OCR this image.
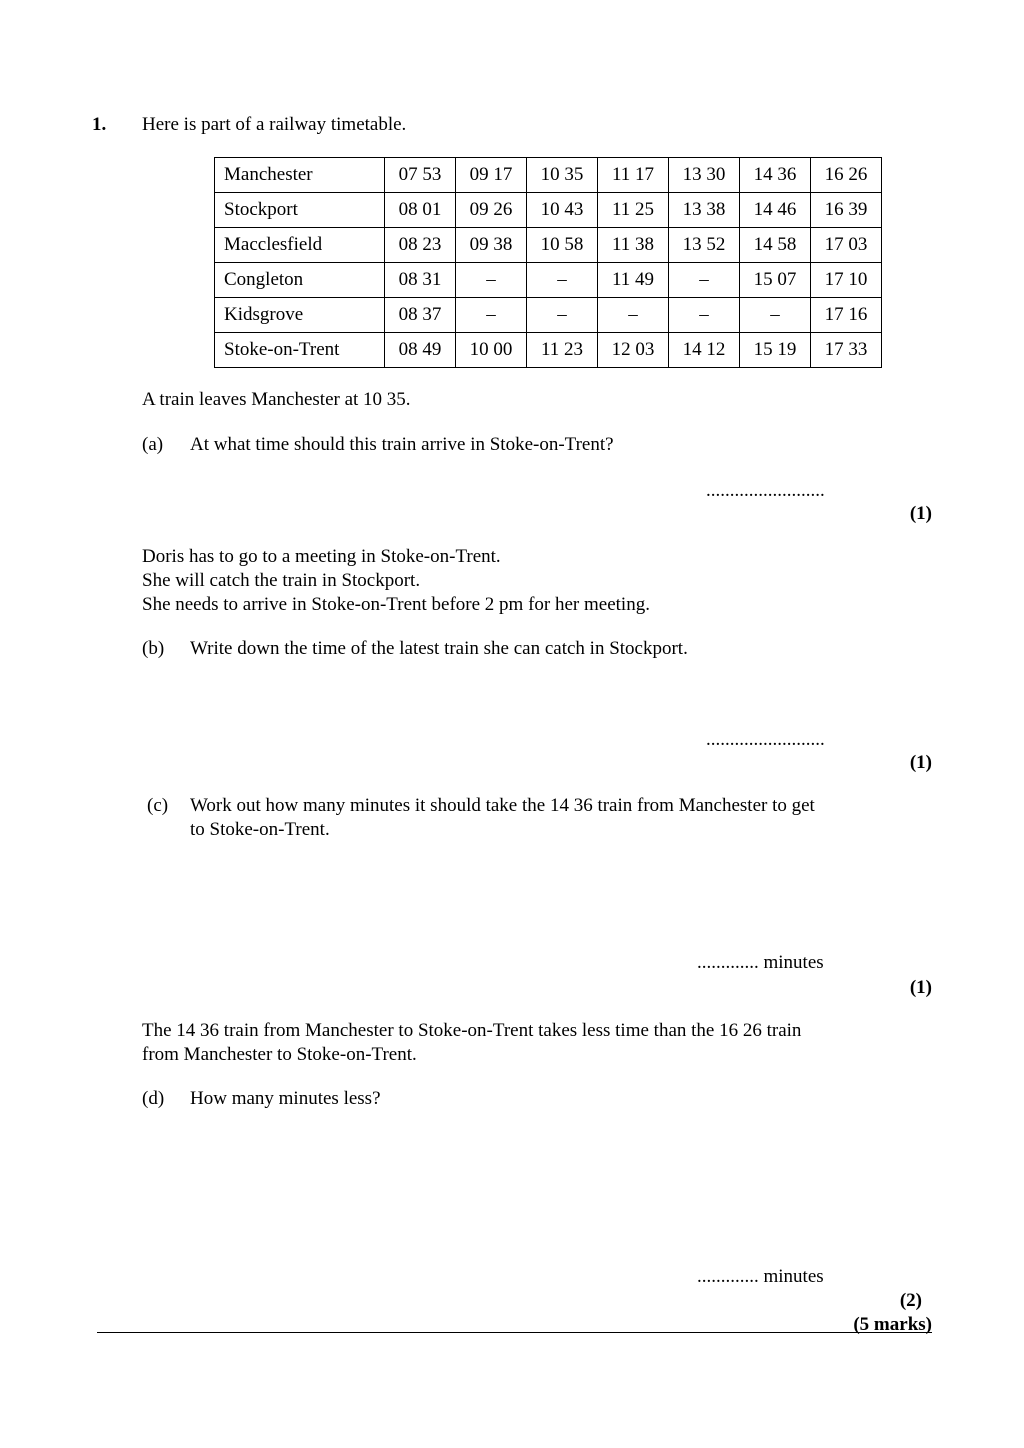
1. Here is part of a railway timetable.
Manchester	07 53	09 17	10 35	11 17	13 30	14 36	16 26
Stockport	08 01	09 26	10 43	11 25	13 38	14 46	16 39
Macclesfield	08 23	09 38	10 58	11 38	13 52	14 58	17 03
Congleton	08 31	–	–	11 49	–	15 07	17 10
Kidsgrove	08 37	–	–	–	–	–	17 16
Stoke-on-Trent	08 49	10 00	11 23	12 03	14 12	15 19	17 33
A train leaves Manchester at 10 35.
(a) At what time should this train arrive in Stoke-on-Trent?
.........................
(1)
Doris has to go to a meeting in Stoke-on-Trent.
She will catch the train in Stockport.
She needs to arrive in Stoke-on-Trent before 2 pm for her meeting.
(b) Write down the time of the latest train she can catch in Stockport.
.........................
(1)
(c) Work out how many minutes it should take the 14 36 train from Manchester to get
to Stoke-on-Trent.
............. minutes
(1)
The 14 36 train from Manchester to Stoke-on-Trent takes less time than the 16 26 train
from Manchester to Stoke-on-Trent.
(d) How many minutes less?
............. minutes
(2)
(5 marks)
